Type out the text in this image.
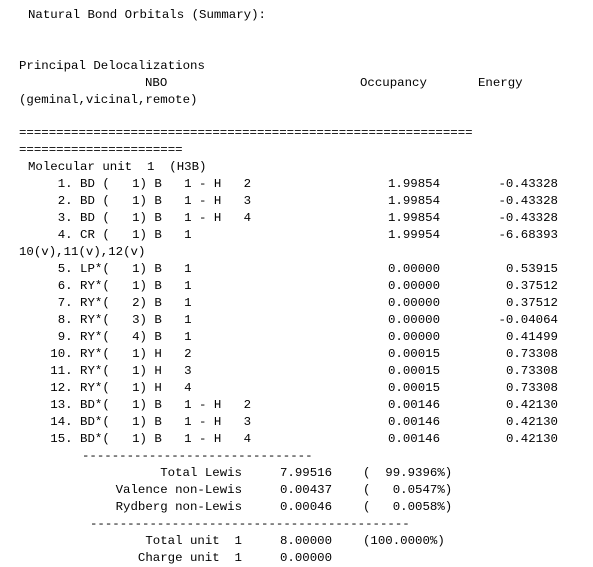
Natural Bond Orbitals (Summary):
Principal Delocalizations
NBO	Occupancy	Energy
(geminal,vicinal,remote)
=============================================================
======================
Molecular unit  1  (H3B)
1. BD (   1) B   1 - H   2	1.99854	-0.43328
2. BD (   1) B   1 - H   3	1.99854	-0.43328
3. BD (   1) B   1 - H   4	1.99854	-0.43328
4. CR (   1) B   1	1.99954	-6.68393
10(v),11(v),12(v)
5. LP*(   1) B   1	0.00000	0.53915
6. RY*(   1) B   1	0.00000	0.37512
7. RY*(   2) B   1	0.00000	0.37512
8. RY*(   3) B   1	0.00000	-0.04064
9. RY*(   4) B   1	0.00000	0.41499
10. RY*(   1) H   2	0.00015	0.73308
11. RY*(   1) H   3	0.00015	0.73308
12. RY*(   1) H   4	0.00015	0.73308
13. BD*(   1) B   1 - H   2	0.00146	0.42130
14. BD*(   1) B   1 - H   3	0.00146	0.42130
15. BD*(   1) B   1 - H   4	0.00146	0.42130
-------------------------------
Total Lewis	7.99516 (  99.9396%)
Valence non-Lewis	0.00437 (   0.0547%)
Rydberg non-Lewis	0.00046 (   0.0058%)
-------------------------------------------
Total unit  1	8.00000 (100.0000%)
Charge unit  1	0.00000
